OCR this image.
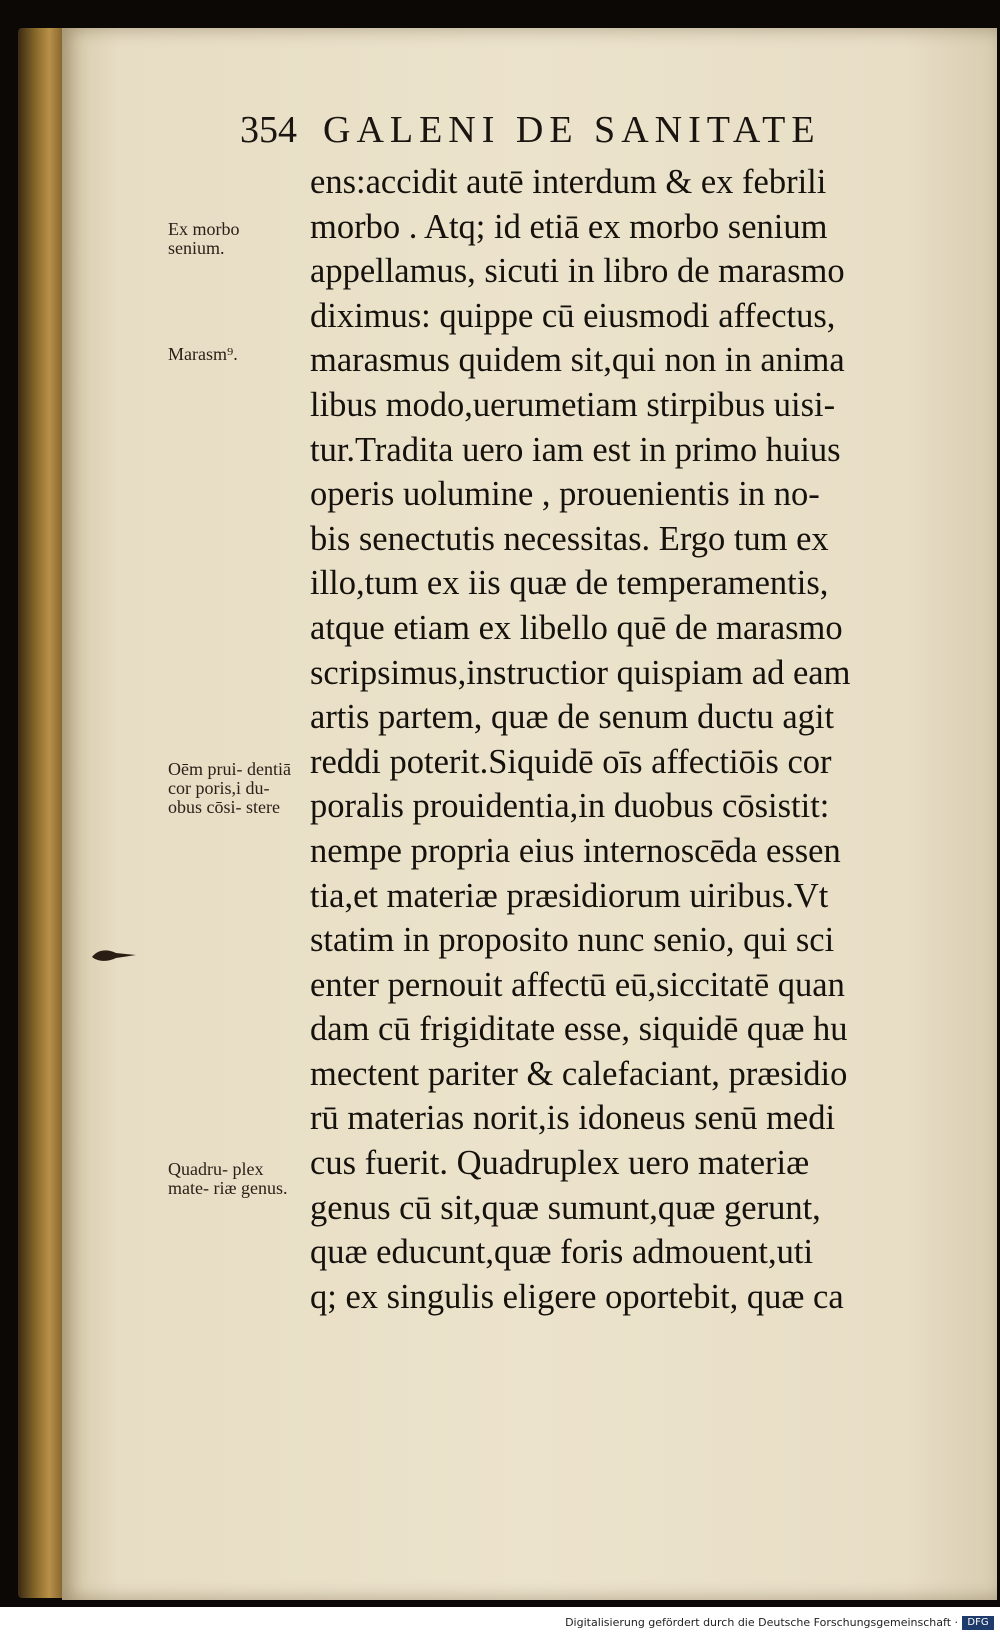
354 GALENI DE SANITATE
ens:accidit autē interdum & ex febrili
morbo . Atq; id etiā ex morbo senium
appellamus, sicuti in libro de marasmo
diximus: quippe cū eiusmodi affectus,
marasmus quidem sit,qui non in anima
libus modo,uerumetiam stirpibus uisi-
tur.Tradita uero iam est in primo huius
operis uolumine , prouenientis in no-
bis senectutis necessitas. Ergo tum ex
illo,tum ex iis quæ de temperamentis,
atque etiam ex libello quē de marasmo
scripsimus,instructior quispiam ad eam
artis partem, quæ de senum ductu agit
reddi poterit.Siquidē oīs affectiōis cor
poralis prouidentia,in duobus cōsistit:
nempe propria eius internoscēda essen
tia,et materiæ præsidiorum uiribus.Vt
statim in proposito nunc senio, qui sci
enter pernouit affectū eū,siccitatē quan
dam cū frigiditate esse, siquidē quæ hu
mectent pariter & calefaciant, præsidio
rū materias norit,is idoneus senū medi
cus fuerit. Quadruplex uero materiæ
genus cū sit,quæ sumunt,quæ gerunt,
quæ educunt,quæ foris admouent,uti
q; ex singulis eligere oportebit, quæ ca
Ex morbo senium.
Marasm⁹.
Oēm prui- dentiā cor poris,i du- obus cōsi- stere
Quadru- plex mate- riæ genus.
Digitalisierung gefördert durch die Deutsche Forschungsgemeinschaft · DFG
